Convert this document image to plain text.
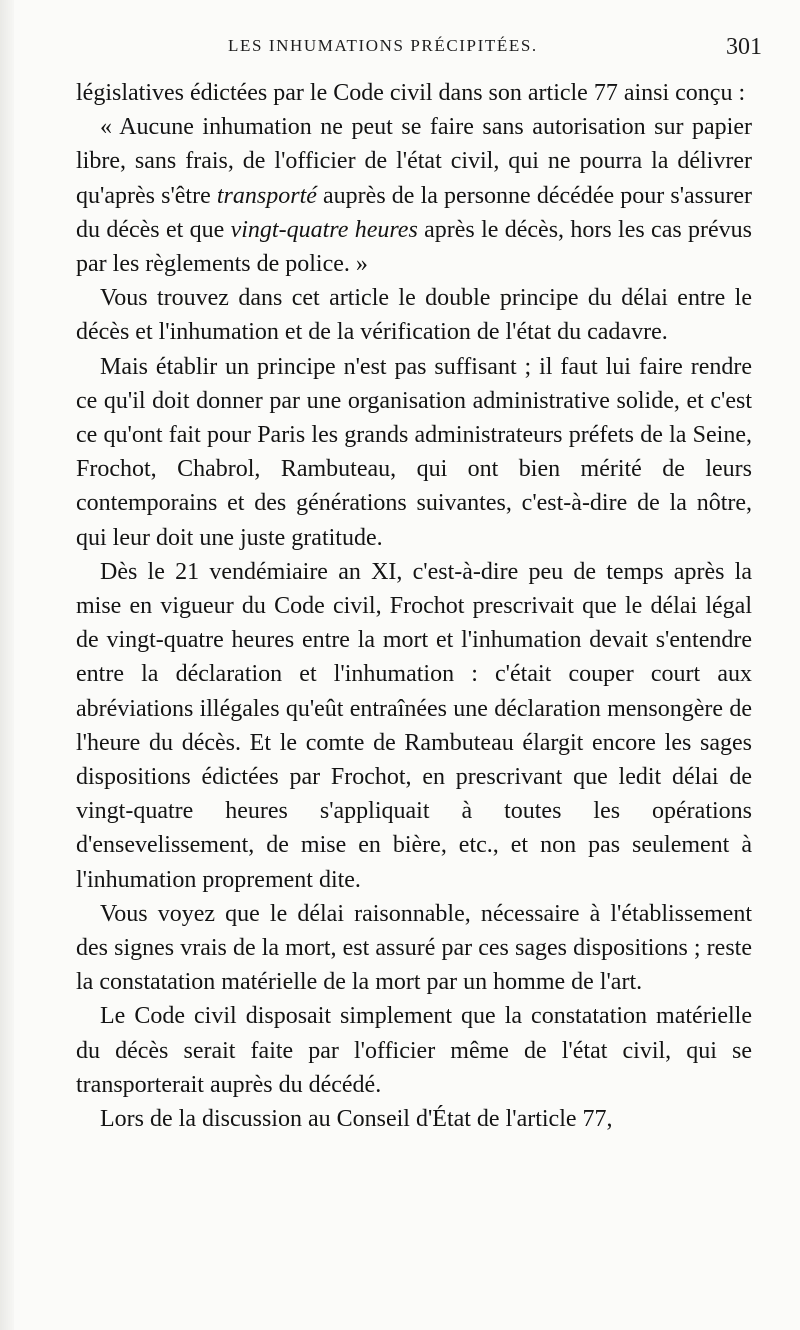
LES INHUMATIONS PRÉCIPITÉES.	301

législatives édictées par le Code civil dans son article 77 ainsi conçu :

« Aucune inhumation ne peut se faire sans autorisation sur papier libre, sans frais, de l'officier de l'état civil, qui ne pourra la délivrer qu'après s'être transporté auprès de la personne décédée pour s'assurer du décès et que vingt-quatre heures après le décès, hors les cas prévus par les règlements de police. »

Vous trouvez dans cet article le double principe du délai entre le décès et l'inhumation et de la vérification de l'état du cadavre.

Mais établir un principe n'est pas suffisant ; il faut lui faire rendre ce qu'il doit donner par une organisation administrative solide, et c'est ce qu'ont fait pour Paris les grands administrateurs préfets de la Seine, Frochot, Chabrol, Rambuteau, qui ont bien mérité de leurs contemporains et des générations suivantes, c'est-à-dire de la nôtre, qui leur doit une juste gratitude.

Dès le 21 vendémiaire an XI, c'est-à-dire peu de temps après la mise en vigueur du Code civil, Frochot prescrivait que le délai légal de vingt-quatre heures entre la mort et l'inhumation devait s'entendre entre la déclaration et l'inhumation : c'était couper court aux abréviations illégales qu'eût entraînées une déclaration mensongère de l'heure du décès. Et le comte de Rambuteau élargit encore les sages dispositions édictées par Frochot, en prescrivant que ledit délai de vingt-quatre heures s'appliquait à toutes les opérations d'ensevelissement, de mise en bière, etc., et non pas seulement à l'inhumation proprement dite.

Vous voyez que le délai raisonnable, nécessaire à l'établissement des signes vrais de la mort, est assuré par ces sages dispositions ; reste la constatation matérielle de la mort par un homme de l'art.

Le Code civil disposait simplement que la constatation matérielle du décès serait faite par l'officier même de l'état civil, qui se transporterait auprès du décédé.

Lors de la discussion au Conseil d'État de l'article 77,
